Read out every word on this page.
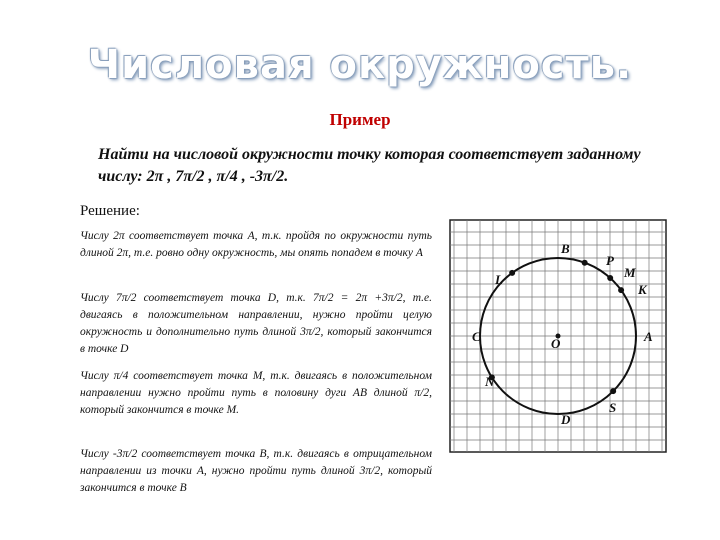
Числовая окружность.
Пример
Найти на числовой окружности точку которая соответствует заданному числу: 2π , 7π/2 , π/4 , -3π/2.
Решение:
Числу 2π соответствует точка A, т.к. пройдя по окружности путь длиной 2π, т.е. ровно одну окружность, мы опять попадем в точку A
Числу 7π/2 соответствует точка D, т.к. 7π/2 = 2π +3π/2, т.е. двигаясь в положительном направлении, нужно пройти целую окружность и дополнительно путь длиной 3π/2, который закончится в точке D
Числу π/4 соответствует точка M, т.к. двигаясь в положительном направлении нужно пройти путь в половину дуги AB длиной π/2, который закончится в точке M.
Числу -3π/2 соответствует точка B, т.к. двигаясь в отрицательном направлении из точки A, нужно пройти путь длиной 3π/2, который закончится в точке B
B
P
M
K
L
C	A
O
N
S
D
